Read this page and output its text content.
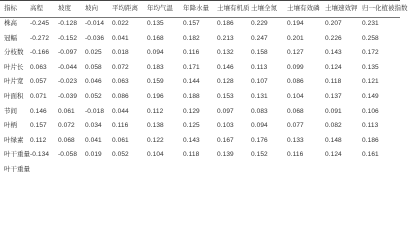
指标	高程	坡度	坡向	平均距离	年均气温	年降水量	土壤有机质	土壤全氮	土壤有效磷	土壤速效钾	归一化植被指数
株高	-0.245	-0.128	-0.014	0.022	0.135	0.157	0.186	0.229	0.194	0.207	0.231
冠幅	-0.272	-0.152	-0.036	0.041	0.168	0.182	0.213	0.247	0.201	0.226	0.258
分枝数	-0.166	-0.097	0.025	0.018	0.094	0.116	0.132	0.158	0.127	0.143	0.172
叶片长	0.063	-0.044	0.058	0.072	0.183	0.171	0.146	0.113	0.099	0.124	0.135
叶片宽	0.057	-0.023	0.046	0.063	0.159	0.144	0.128	0.107	0.086	0.118	0.121
叶面积	0.071	-0.039	0.052	0.086	0.196	0.188	0.153	0.131	0.104	0.137	0.149
节间	0.146	0.061	-0.018	0.044	0.112	0.129	0.097	0.083	0.068	0.091	0.106
叶柄	0.157	0.072	0.034	0.116	0.138	0.125	0.103	0.094	0.077	0.082	0.113
叶绿素	0.112	0.068	0.041	0.061	0.122	0.143	0.167	0.176	0.133	0.148	0.186
叶干重量	-0.134	-0.058	0.019	0.052	0.104	0.118	0.139	0.152	0.116	0.124	0.161
叶干重量											
